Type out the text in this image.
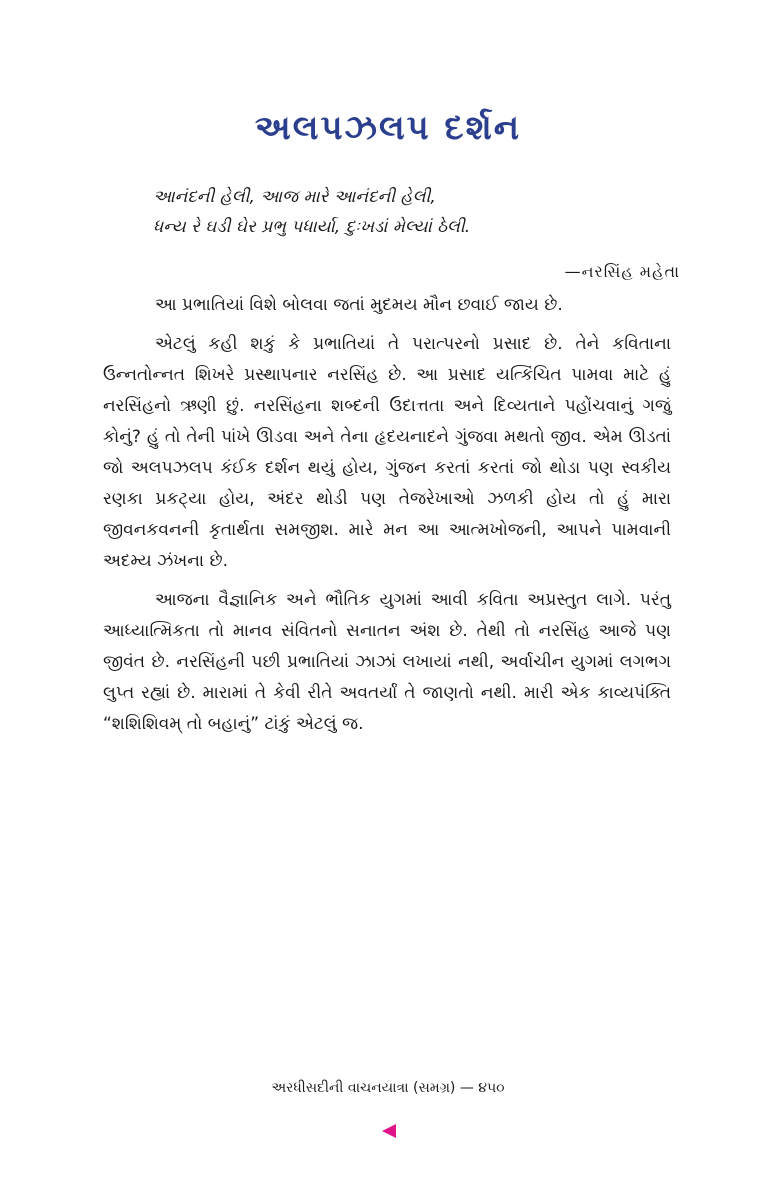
અલપઝલપ દર્શન
આનંદની હેલી, આજ મારે આનંદની હેલી,
ધન્ય રે ઘડી ઘેર પ્રભુ પધાર્યા, દુઃખડાં મેલ્યાં ઠેલી.
—નરસિંહ મહેતા

આ પ્રભાતિયાં વિશે બોલવા જતાં મુદમય મૌન છવાઈ જાય છે.

એટલું કહી શકું કે પ્રભાતિયાં તે પરાત્પરનો પ્રસાદ છે. તેને કવિતાના ઉન્નતોન્નત શિખરે પ્રસ્થાપનાર નરસિંહ છે. આ પ્રસાદ યત્કિંચિત પામવા માટે હું નરસિંહનો ઋણી છું. નરસિંહના શબ્દની ઉદાત્તતા અને દિવ્યતાને પહોંચવાનું ગજું કોનું? હું તો તેની પાંખે ઊડવા અને તેના હૃદયનાદને ગુંજવા મથતો જીવ. એમ ઊડતાં જો અલપઝલપ કંઈક દર્શન થયું હોય, ગુંજન કરતાં કરતાં જો થોડા પણ સ્વકીય રણકા પ્રકટ્યા હોય, અંદર થોડી પણ તેજરેખાઓ ઝળકી હોય તો હું મારા જીવનકવનની કૃતાર્થતા સમજીશ. મારે મન આ આત્મખોજની, આપને પામવાની અદમ્ય ઝંખના છે.

આજના વૈજ્ઞાનિક અને ભૌતિક યુગમાં આવી કવિતા અપ્રસ્તુત લાગે. પરંતુ આધ્યાત્મિકતા તો માનવ સંવિતનો સનાતન અંશ છે. તેથી તો નરસિંહ આજે પણ જીવંત છે. નરસિંહની પછી પ્રભાતિયાં ઝાઝાં લખાયાં નથી, અર્વાચીન યુગમાં લગભગ લુપ્ત રહ્યાં છે. મારામાં તે કેવી રીતે અવતર્યાં તે જાણતો નથી. મારી એક કાવ્યપંક્તિ “શશિશિવમ્ તો બહાનું” ટાંકું એટલું જ.

અરધીસદીની વાચનયાત્રા (સમગ્ર) — ૪૫૦
